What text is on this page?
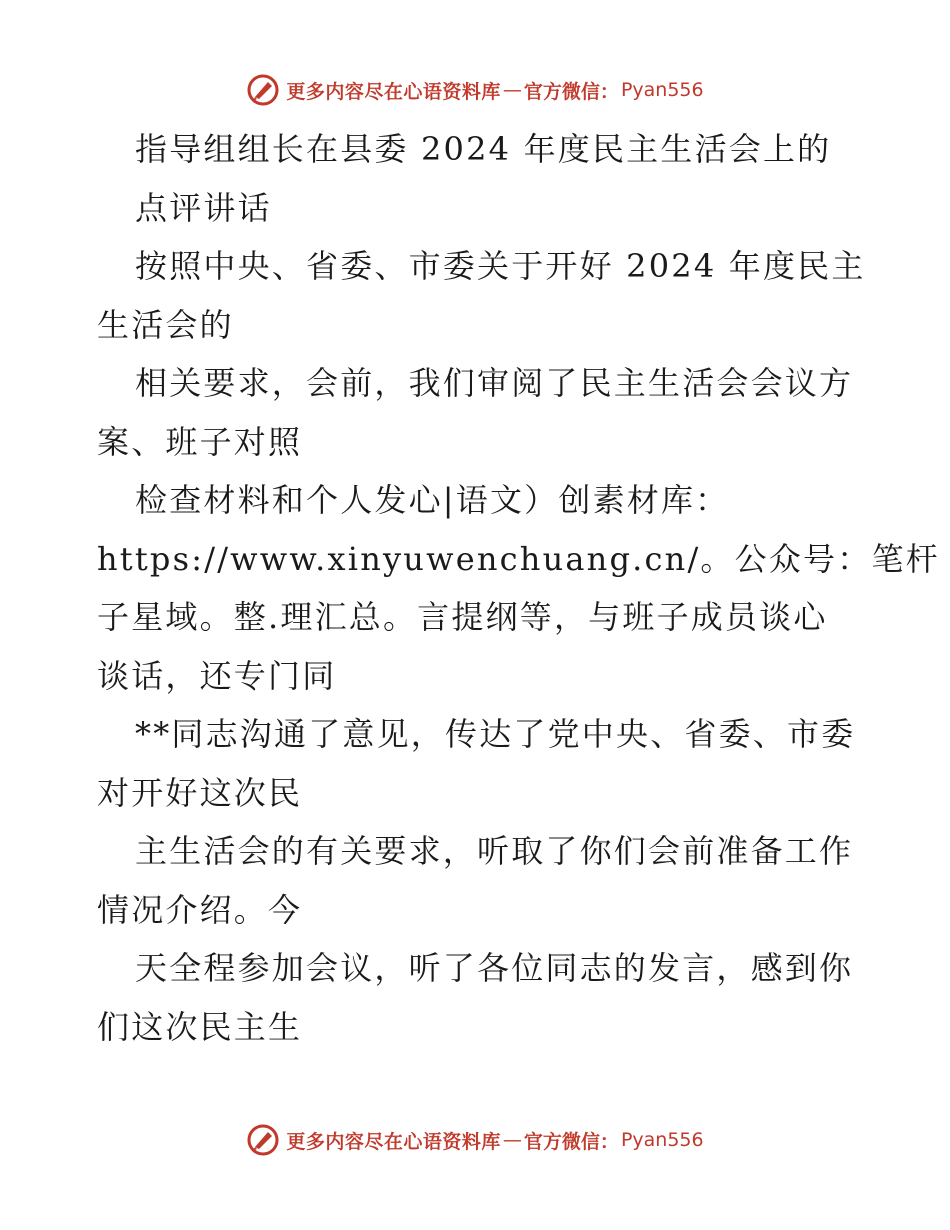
更多内容尽在心语资料库 — 官方微信： Pyan556
指导组组长在县委 2024 年度民主生活会上的
点评讲话
按照中央、省委、市委关于开好 2024 年度民主
生活会的
相关要求，会前，我们审阅了民主生活会会议方
案、班子对照
检查材料和个人发心|语文）创素材库：
https://www.xinyuwenchuang.cn/。公众号：笔杆
子星域。整.理汇总。言提纲等，与班子成员谈心
谈话，还专门同
**同志沟通了意见，传达了党中央、省委、市委
对开好这次民
主生活会的有关要求，听取了你们会前准备工作
情况介绍。今
天全程参加会议，听了各位同志的发言，感到你
们这次民主生
更多内容尽在心语资料库 — 官方微信： Pyan556
